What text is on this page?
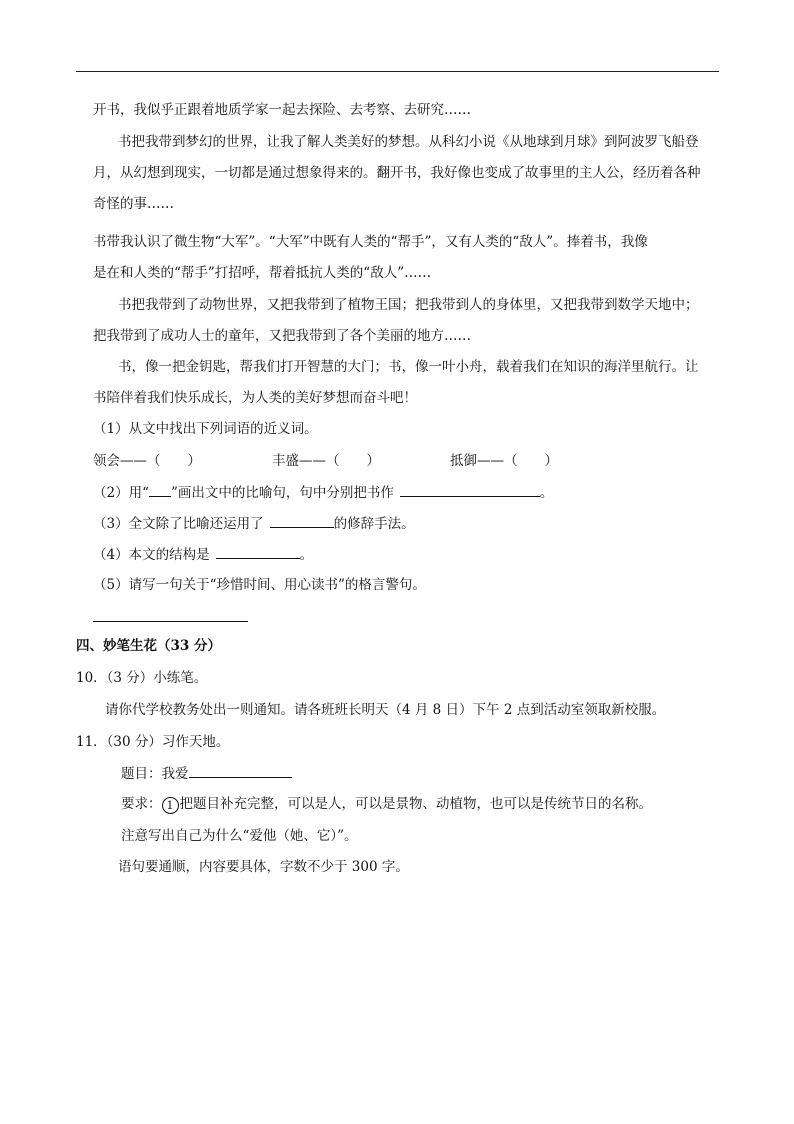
开书，我似乎正跟着地质学家一起去探险、去考察、去研究……
书把我带到梦幻的世界，让我了解人类美好的梦想。从科幻小说《从地球到月球》到阿波罗飞船登
月，从幻想到现实，一切都是通过想象得来的。翻开书，我好像也变成了故事里的主人公，经历着各种
奇怪的事……
书带我认识了微生物“大军”。“大军”中既有人类的“帮手”，又有人类的“敌人”。捧着书，我像
是在和人类的“帮手”打招呼，帮着抵抗人类的“敌人”……
书把我带到了动物世界，又把我带到了植物王国；把我带到人的身体里，又把我带到数学天地中；
把我带到了成功人士的童年，又把我带到了各个美丽的地方……
书，像一把金钥匙，帮我们打开智慧的大门；书，像一叶小舟，载着我们在知识的海洋里航行。让
书陪伴着我们快乐成长，为人类的美好梦想而奋斗吧！
（1）从文中找出下列词语的近义词。
领会——（　　）	丰盛——（　　）	抵御——（　　）
（2）用“ ”画出文中的比喻句，句中分别把书作	。
（3）全文除了比喻还运用了	的修辞手法。
（4）本文的结构是	。
（5）请写一句关于“珍惜时间、用心读书”的格言警句。
四、妙笔生花（33 分）
10．（3 分）小练笔。
请你代学校教务处出一则通知。请各班班长明天（4 月 8 日）下午 2 点到活动室领取新校服。
11．（30 分）习作天地。
题目：我爱
要求： 1 把题目补充完整，可以是人，可以是景物、动植物，也可以是传统节日的名称。
注意写出自己为什么“爱他（她、它）”。
语句要通顺，内容要具体，字数不少于 300 字。
